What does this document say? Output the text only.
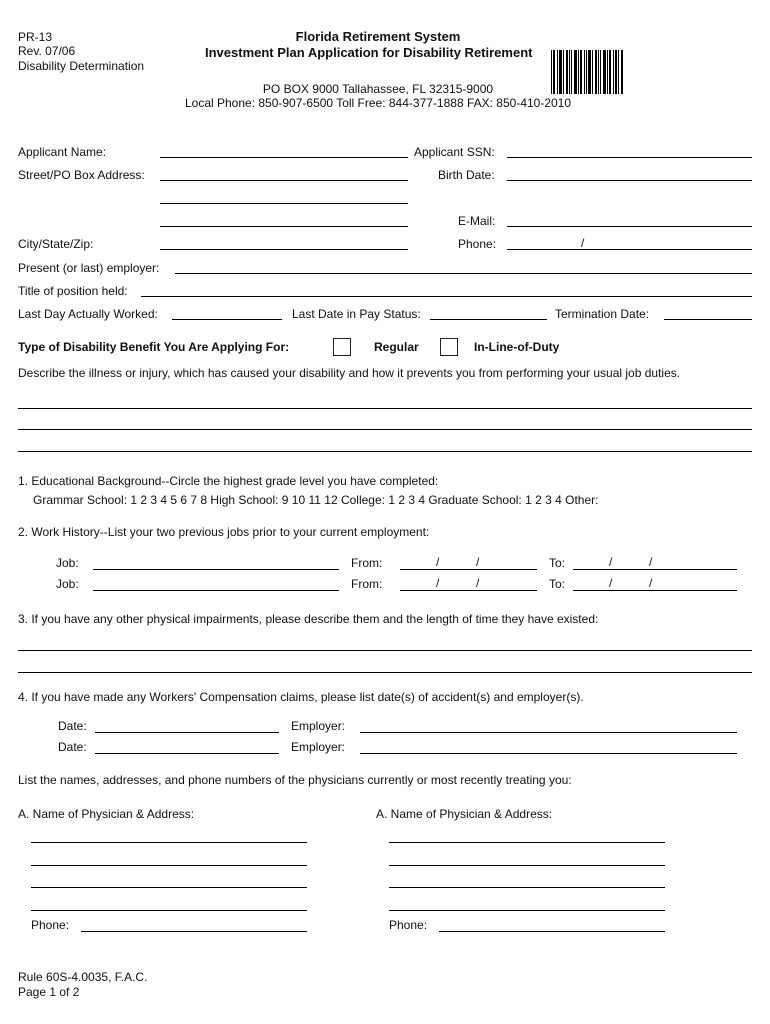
PR-13
Rev. 07/06
Disability Determination
Florida Retirement System
Investment Plan Application for Disability Retirement
PO BOX 9000 Tallahassee, FL 32315-9000
Local Phone: 850-907-6500 Toll Free: 844-377-1888 FAX: 850-410-2010
Applicant Name:	Applicant SSN:
Street/PO Box Address:	Birth Date:
E-Mail:
City/State/Zip:	Phone:	/
Present (or last) employer:
Title of position held:
Last Day Actually Worked:	Last Date in Pay Status:	Termination Date:
Type of Disability Benefit You Are Applying For:	Regular	In-Line-of-Duty
Describe the illness or injury, which has caused your disability and how it prevents you from performing your usual job duties.
1. Educational Background--Circle the highest grade level you have completed:
Grammar School: 1 2 3 4 5 6 7 8 High School: 9 10 11 12 College: 1 2 3 4 Graduate School: 1 2 3 4 Other:
2. Work History--List your two previous jobs prior to your current employment:
Job:	From:	/	/	To:	/	/
Job:	From:	/	/	To:	/	/
3. If you have any other physical impairments, please describe them and the length of time they have existed:
4. If you have made any Workers' Compensation claims, please list date(s) of accident(s) and employer(s).
Date:	Employer:
Date:	Employer:
List the names, addresses, and phone numbers of the physicians currently or most recently treating you:
A. Name of Physician & Address:
Phone:
A. Name of Physician & Address:
Phone:
Rule 60S-4.0035, F.A.C.
Page 1 of 2
